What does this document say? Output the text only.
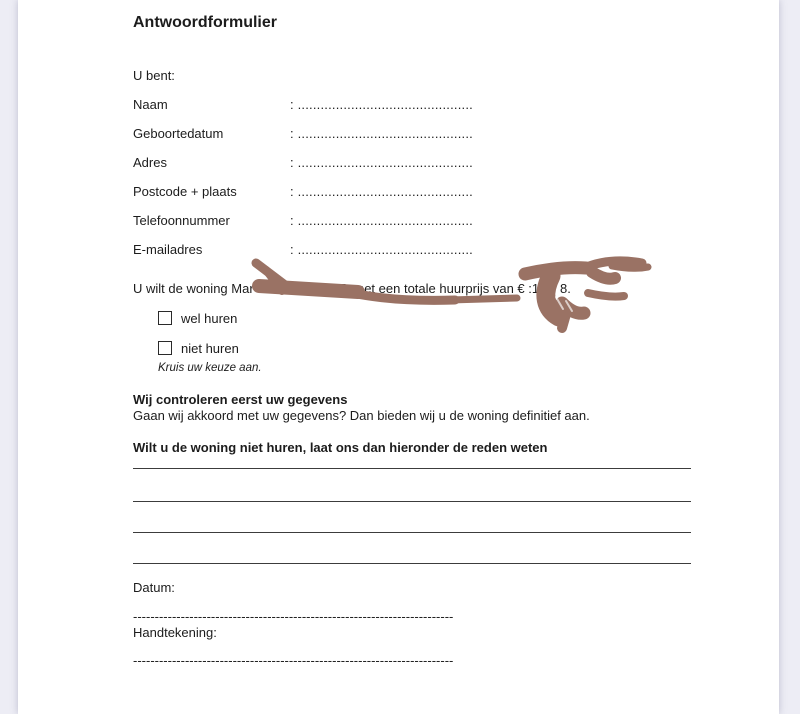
Antwoordformulier

U bent:

Naam	: ..............................................
Geboortedatum	: ..............................................
Adres	: ..............................................
Postcode + plaats	: ..............................................
Telefoonnummer	: ..............................................
E-mailadres	: ..............................................
U wilt de woning Mar	tplein 17, met een totale huurprijs van € :1 8.
wel huren
niet huren

Kruis uw keuze aan.

Wij controleren eerst uw gegevens

Gaan wij akkoord met uw gegevens? Dan bieden wij u de woning definitief aan.

Wilt u de woning niet huren, laat ons dan hieronder de reden weten

Datum:

--------------------------------------------------------------------------

Handtekening:

--------------------------------------------------------------------------
